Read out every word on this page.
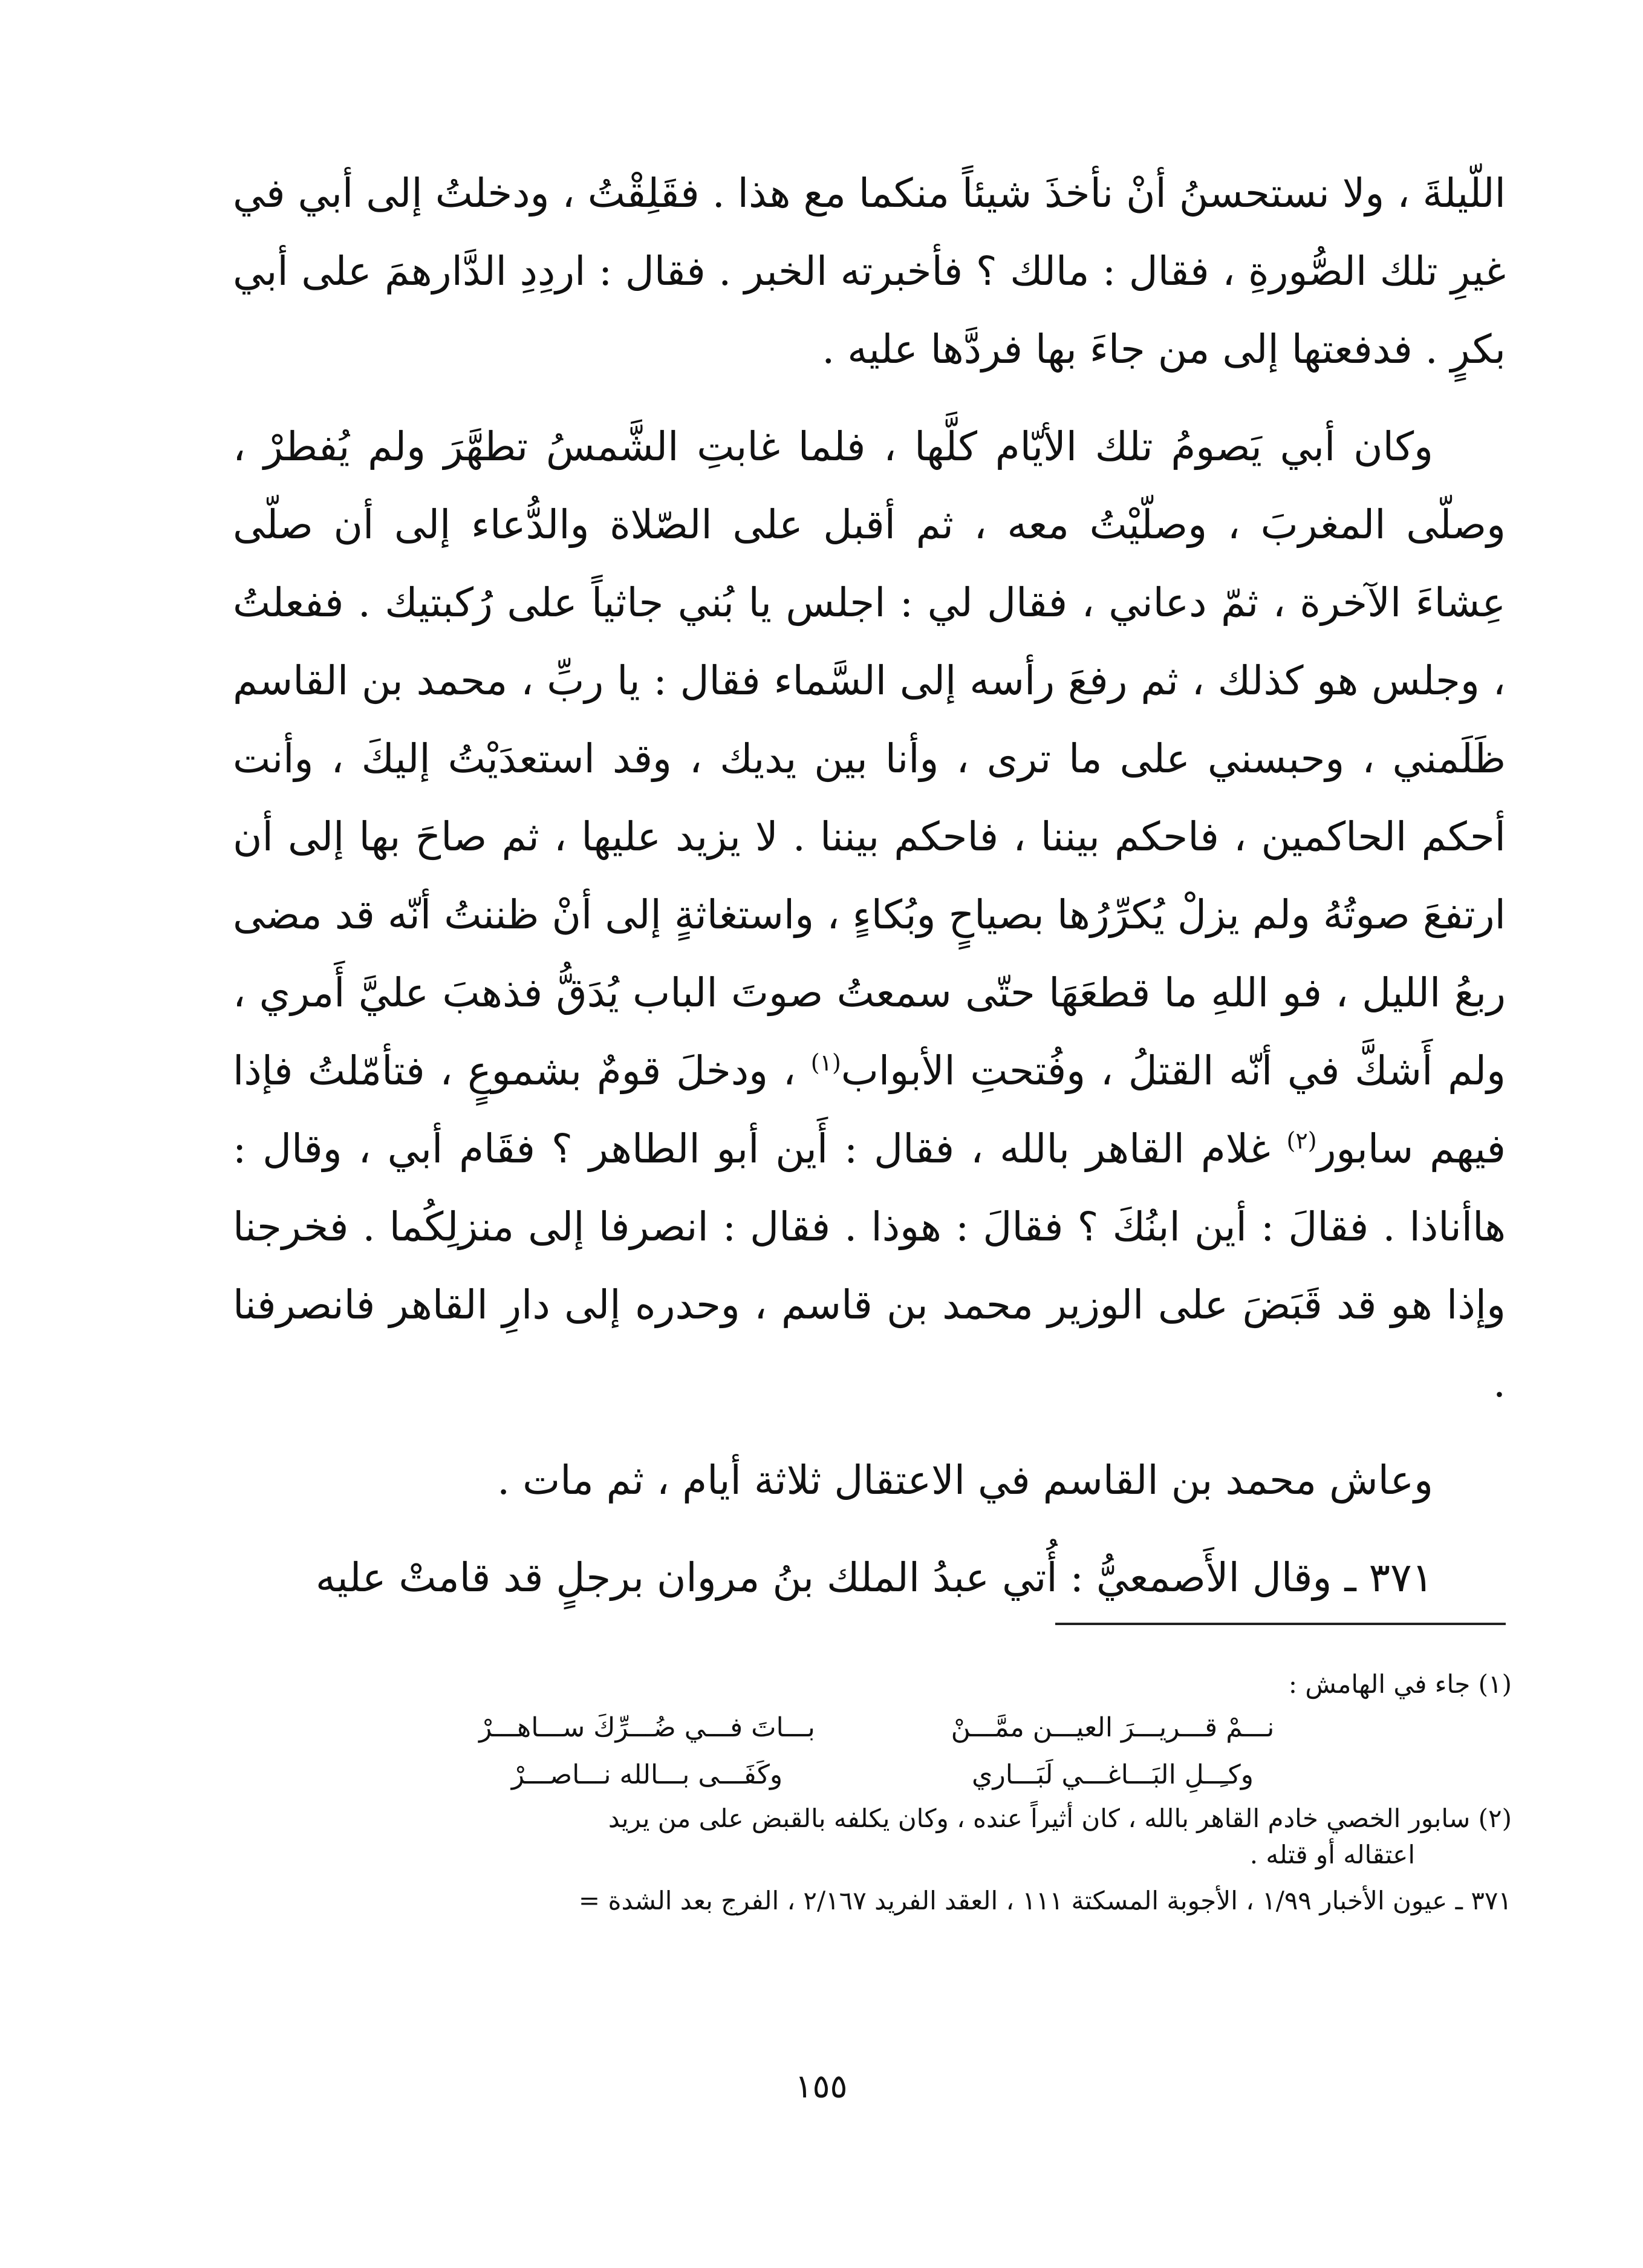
اللّيلةَ ، ولا نستحسنُ أنْ نأخذَ شيئاً منكما مع هذا . فقَلِقْتُ ، ودخلتُ إلى أبي في غيرِ تلك الصُّورةِ ، فقال : مالك ؟ فأخبرته الخبر . فقال : اردِدِ الدَّارهمَ على أبي بكرٍ . فدفعتها إلى من جاءَ بها فردَّها عليه .

وكان أبي يَصومُ تلك الأيّام كلَّها ، فلما غابتِ الشَّمسُ تطهَّرَ ولم يُفطرْ ، وصلّى المغربَ ، وصلّيْتُ معه ، ثم أقبل على الصّلاة والدُّعاء إلى أن صلّى عِشاءَ الآخرة ، ثمّ دعاني ، فقال لي : اجلس يا بُني جاثياً على رُكبتيك . ففعلتُ ، وجلس هو كذلك ، ثم رفعَ رأسه إلى السَّماء فقال : يا ربِّ ، محمد بن القاسم ظَلَمني ، وحبسني على ما ترى ، وأنا بين يديك ، وقد استعدَيْتُ إليكَ ، وأنت أحكم الحاكمين ، فاحكم بيننا ، فاحكم بيننا . لا يزيد عليها ، ثم صاحَ بها إلى أن ارتفعَ صوتُهُ ولم يزلْ يُكرِّرُها بصياحٍ وبُكاءٍ ، واستغاثةٍ إلى أنْ ظننتُ أنّه قد مضى ربعُ الليل ، فو اللهِ ما قطعَهَا حتّى سمعتُ صوتَ الباب يُدَقُّ فذهبَ عليَّ أَمري ، ولم أَشكَّ في أنّه القتلُ ، وفُتحتِ الأبواب$^{(١)}$ ، ودخلَ قومٌ بشموعٍ ، فتأمّلتُ فإذا فيهم سابور$^{(٢)}$ غلام القاهر بالله ، فقال : أَين أبو الطاهر ؟ فقَام أبي ، وقال : هاأناذا . فقالَ : أين ابنُكَ ؟ فقالَ : هوذا . فقال : انصرفا إلى منزلِكُما . فخرجنا وإذا هو قد قَبَضَ على الوزير محمد بن قاسم ، وحدره إلى دارِ القاهر فانصرفنا .

وعاش محمد بن القاسم في الاعتقال ثلاثة أيام ، ثم مات .

٣٧١ ـ وقال الأَصمعيُّ : أُتي عبدُ الملك بنُ مروان برجلٍ قد قامتْ عليه

(١) جاء في الهامش :

نـــمْ قـــريـــرَ العيـــن ممَّـــنْ
بـــاتَ فـــي ضُـــرِّكَ ســـاهـــرْ
وكـِــلِ البَـــاغـــي لَبَـــاري
وكَفَـــى بـــالله نـــاصـــرْ

(٢) سابور الخصي خادم القاهر بالله ، كان أثيراً عنده ، وكان يكلفه بالقبض على من يريد

اعتقاله أو قتله .

٣٧١ ـ عيون الأخبار ١/٩٩ ، الأجوبة المسكتة ١١١ ، العقد الفريد ٢/١٦٧ ، الفرج بعد الشدة =

١٥٥
